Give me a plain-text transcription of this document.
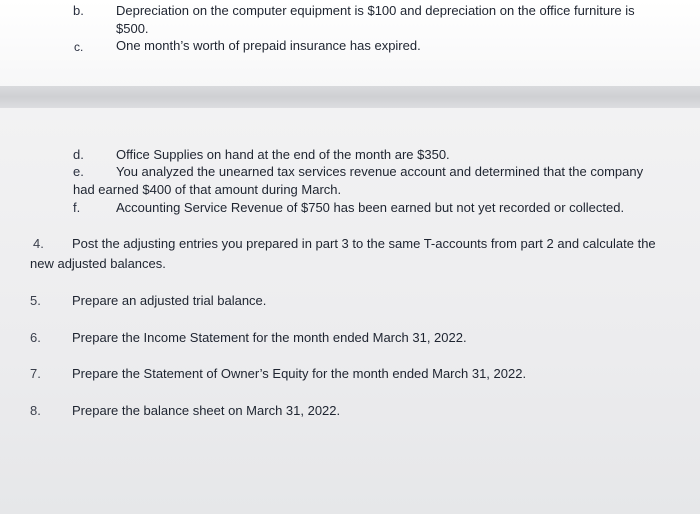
b. Depreciation on the computer equipment is $100 and depreciation on the office furniture is
$500.
c.	One month’s worth of prepaid insurance has expired.
d. Office Supplies on hand at the end of the month are $350.
e. You analyzed the unearned tax services revenue account and determined that the company
had earned $400 of that amount during March.
f.	Accounting Service Revenue of $750 has been earned but not yet recorded or collected.
4. Post the adjusting entries you prepared in part 3 to the same T-accounts from part 2 and calculate the
new adjusted balances.
5. Prepare an adjusted trial balance.
6. Prepare the Income Statement for the month ended March 31, 2022.
7. Prepare the Statement of Owner’s Equity for the month ended March 31, 2022.
8. Prepare the balance sheet on March 31, 2022.
